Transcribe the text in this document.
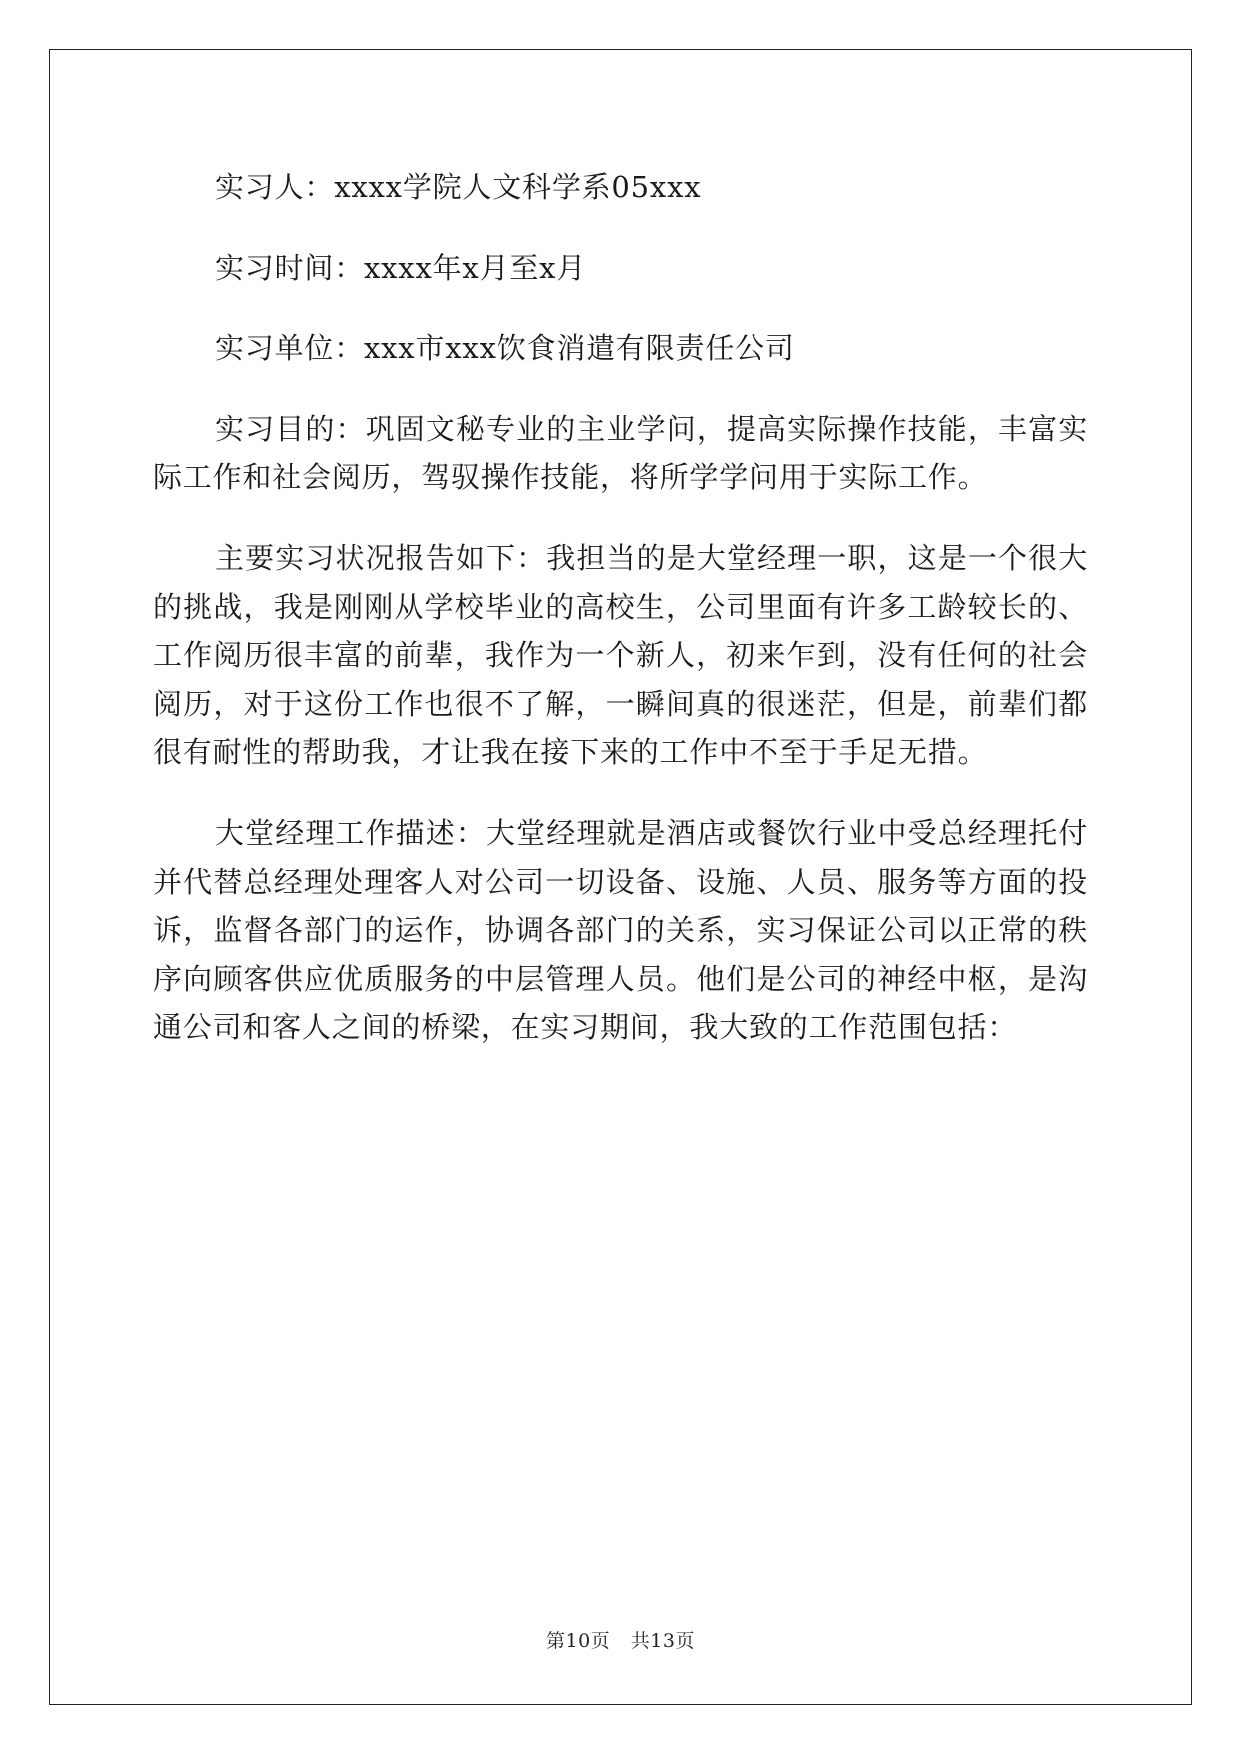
实习人：xxxx学院人文科学系05xxx

实习时间：xxxx年x月至x月

实习单位：xxx市xxx饮食消遣有限责任公司

实习目的：巩固文秘专业的主业学问，提高实际操作技能，丰富实际工作和社会阅历，驾驭操作技能，将所学学问用于实际工作。

主要实习状况报告如下：我担当的是大堂经理一职，这是一个很大的挑战，我是刚刚从学校毕业的高校生，公司里面有许多工龄较长的、工作阅历很丰富的前辈，我作为一个新人，初来乍到，没有任何的社会阅历，对于这份工作也很不了解，一瞬间真的很迷茫，但是，前辈们都很有耐性的帮助我，才让我在接下来的工作中不至于手足无措。

大堂经理工作描述：大堂经理就是酒店或餐饮行业中受总经理托付并代替总经理处理客人对公司一切设备、设施、人员、服务等方面的投诉，监督各部门的运作，协调各部门的关系，实习保证公司以正常的秩序向顾客供应优质服务的中层管理人员。他们是公司的神经中枢，是沟通公司和客人之间的桥梁，在实习期间，我大致的工作范围包括：

第10页 共13页
